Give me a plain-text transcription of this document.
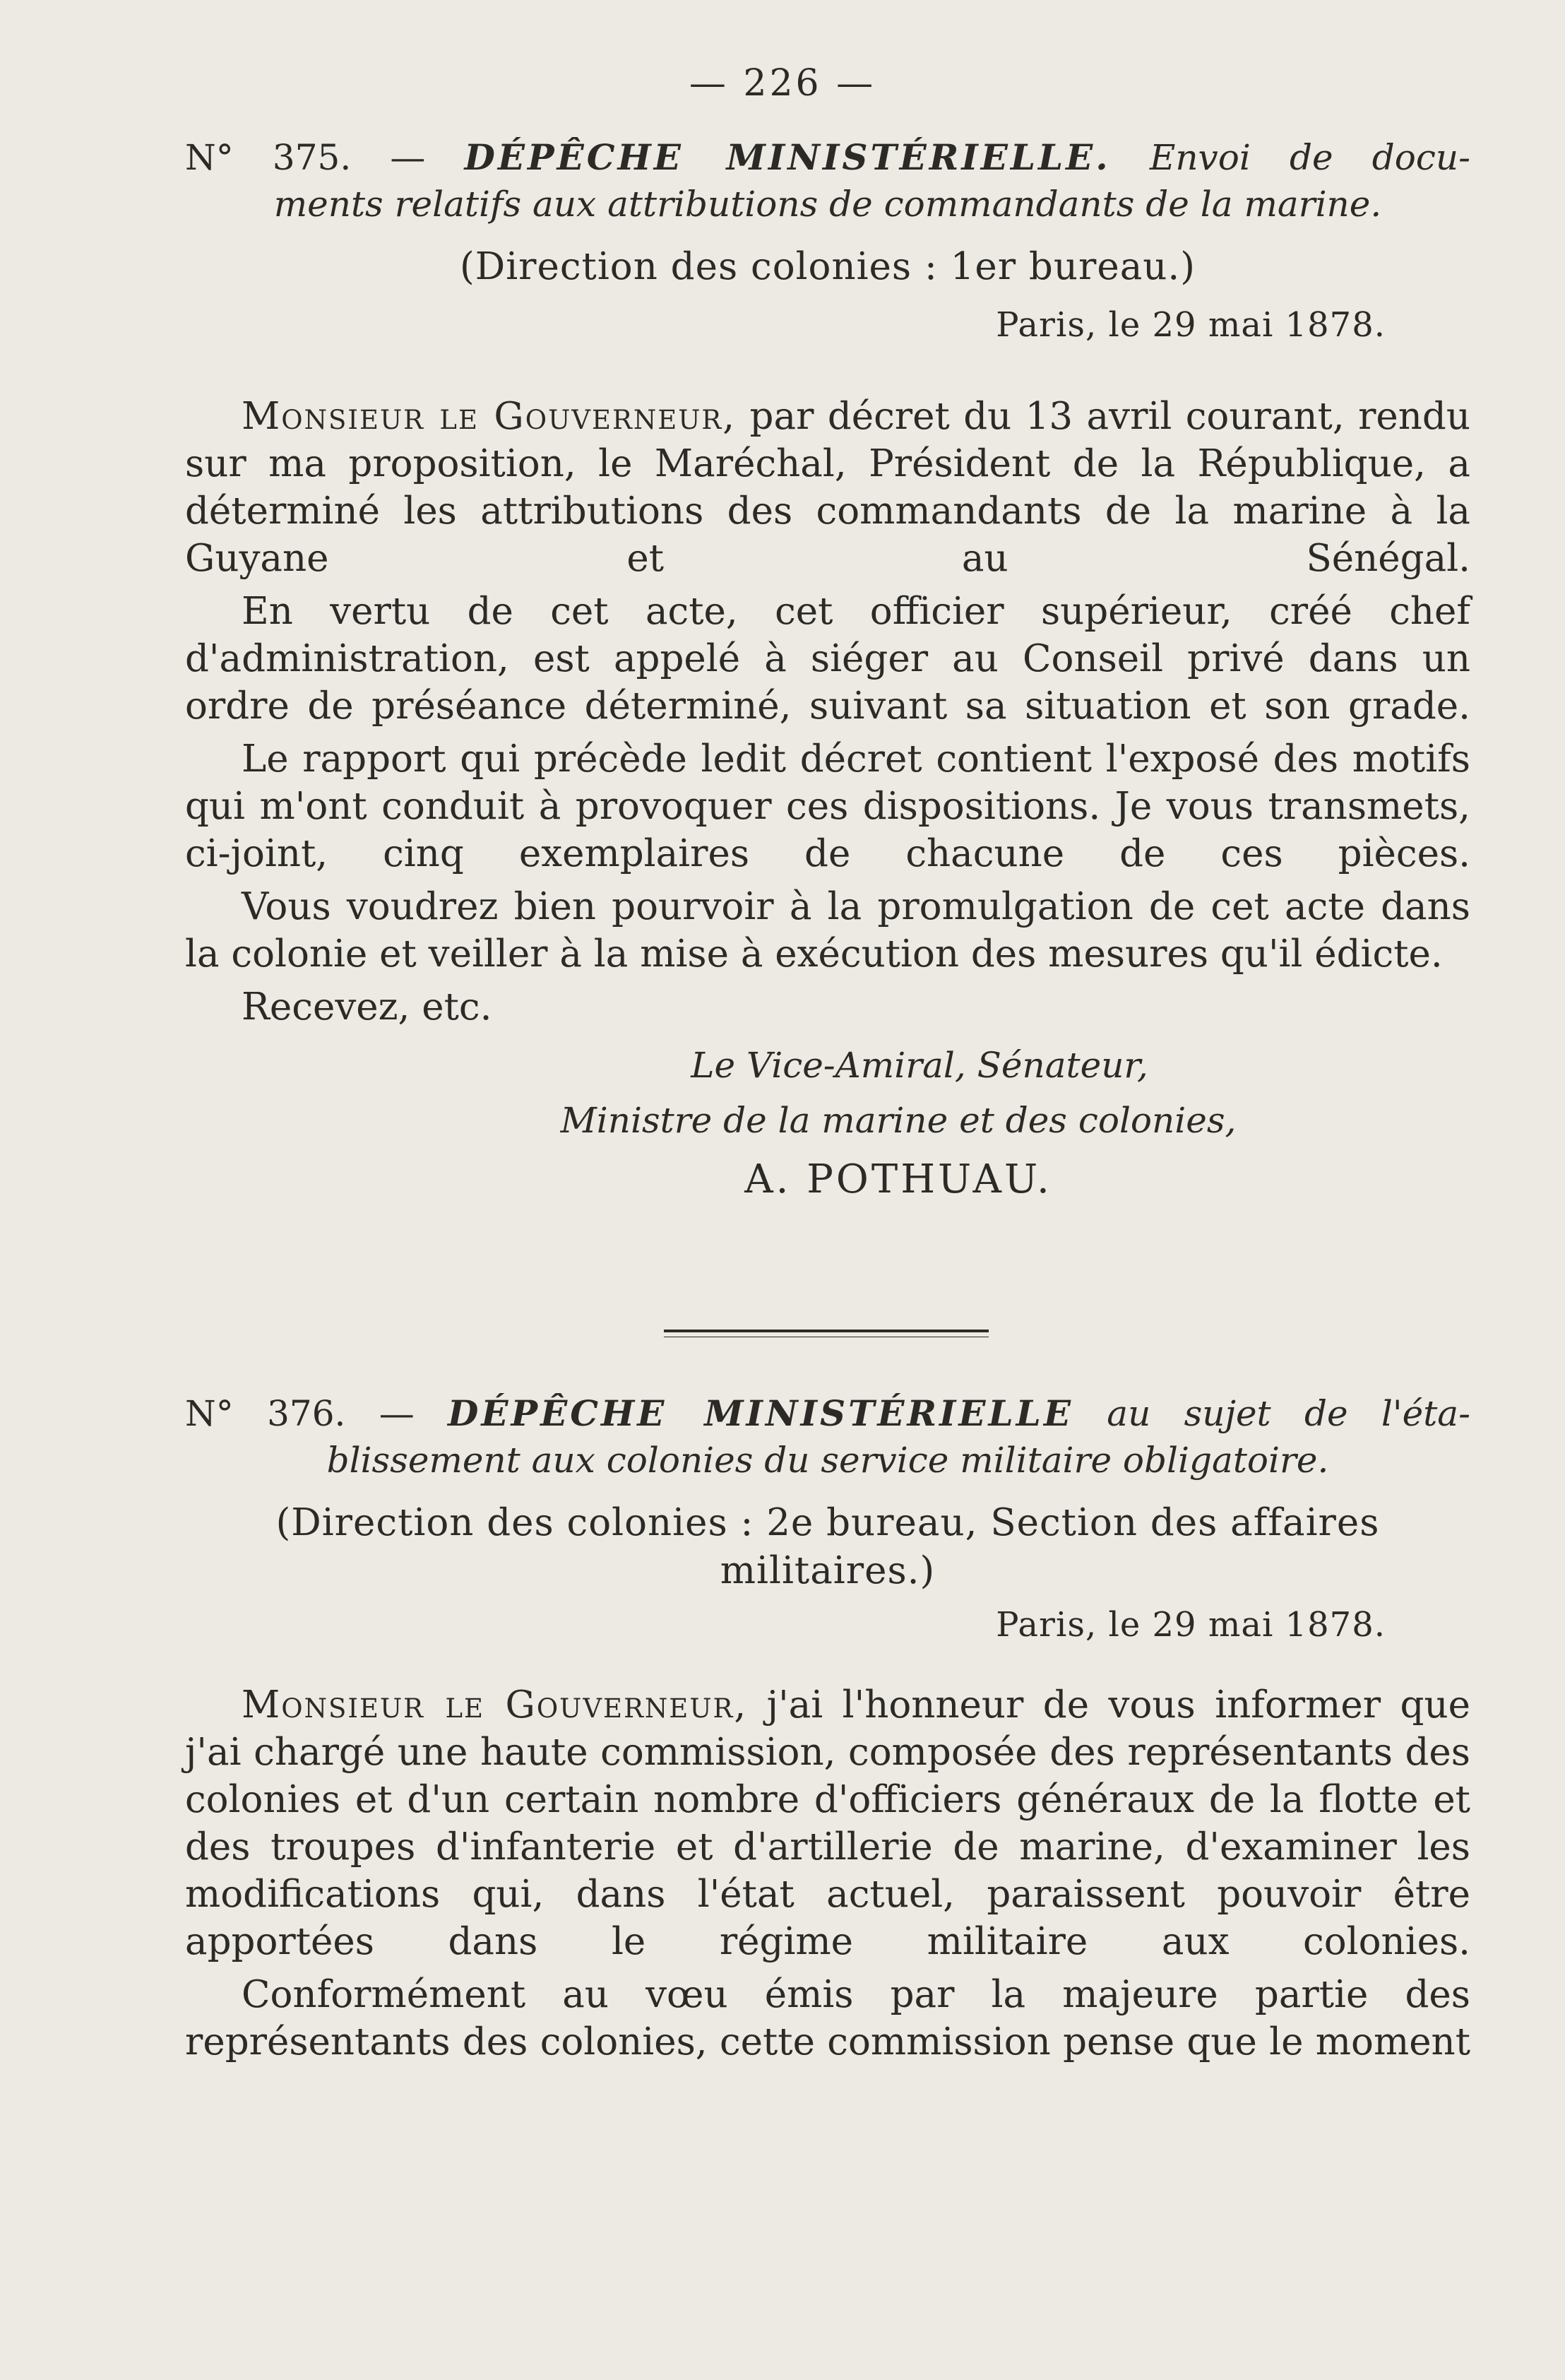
— 226 —
N° 375. — DÉPÊCHE MINISTÉRIELLE. Envoi de docu-
ments relatifs aux attributions de commandants de la marine.
(Direction des colonies : 1er bureau.)
Paris, le 29 mai 1878.

Monsieur le Gouverneur, par décret du 13 avril courant, rendu sur ma proposition, le Maréchal, Président de la République, a déterminé les attributions des commandants de la marine à la Guyane et au Sénégal.

En vertu de cet acte, cet officier supérieur, créé chef d'administration, est appelé à siéger au Conseil privé dans un ordre de préséance déterminé, suivant sa situation et son grade.

Le rapport qui précède ledit décret contient l'exposé des motifs qui m'ont conduit à provoquer ces dispositions. Je vous transmets, ci-joint, cinq exemplaires de chacune de ces pièces.

Vous voudrez bien pourvoir à la promulgation de cet acte dans la colonie et veiller à la mise à exécution des mesures qu'il édicte.

Recevez, etc.

Le Vice-Amiral, Sénateur,
Ministre de la marine et des colonies,
A. POTHUAU.
N° 376. — DÉPÊCHE MINISTÉRIELLE au sujet de l'éta-
blissement aux colonies du service militaire obligatoire.
(Direction des colonies : 2e bureau, Section des affaires
militaires.)
Paris, le 29 mai 1878.

Monsieur le Gouverneur, j'ai l'honneur de vous informer que j'ai chargé une haute commission, composée des représentants des colonies et d'un certain nombre d'officiers généraux de la flotte et des troupes d'infanterie et d'artillerie de marine, d'examiner les modifications qui, dans l'état actuel, paraissent pouvoir être apportées dans le régime militaire aux colonies.

Conformément au vœu émis par la majeure partie des représentants des colonies, cette commission pense que le moment
